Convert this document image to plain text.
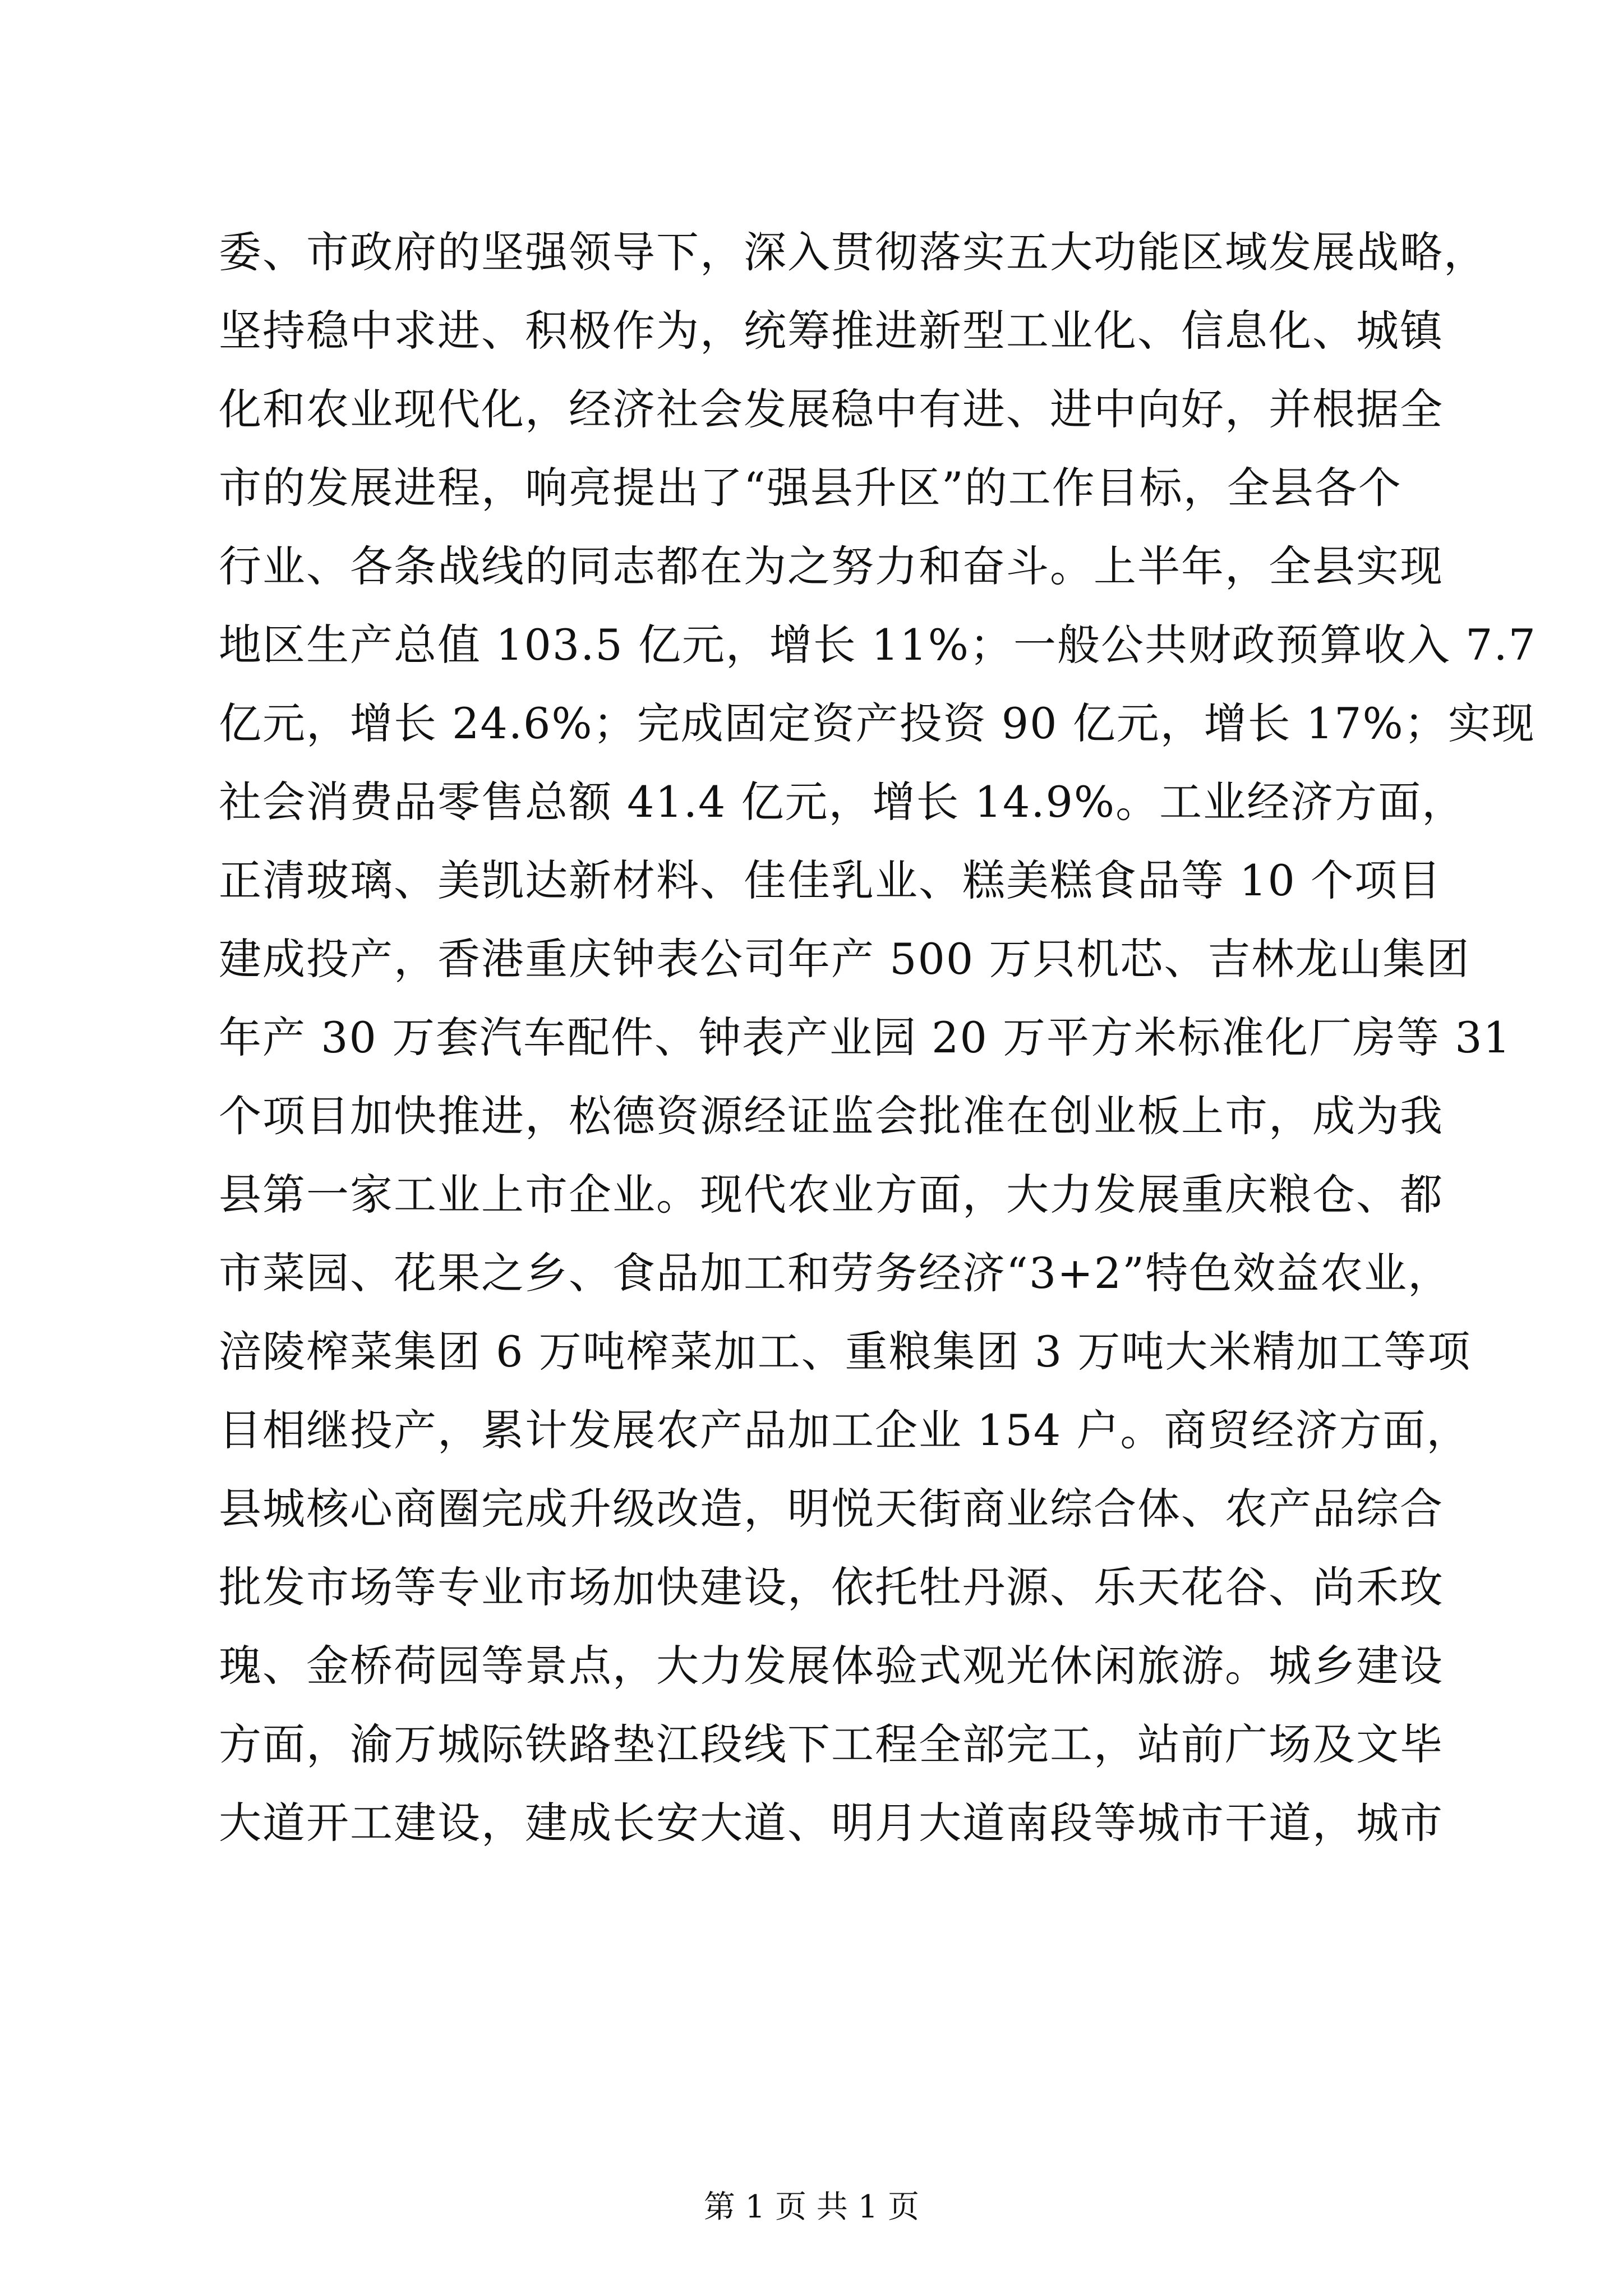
委、市政府的坚强领导下，深入贯彻落实五大功能区域发展战略，
坚持稳中求进、积极作为，统筹推进新型工业化、信息化、城镇
化和农业现代化，经济社会发展稳中有进、进中向好，并根据全
市的发展进程，响亮提出了“强县升区”的工作目标，全县各个
行业、各条战线的同志都在为之努力和奋斗。上半年，全县实现
地区生产总值 103.5 亿元，增长 11%；一般公共财政预算收入 7.7
亿元，增长 24.6%；完成固定资产投资 90 亿元，增长 17%；实现
社会消费品零售总额 41.4 亿元，增长 14.9%。工业经济方面，
正清玻璃、美凯达新材料、佳佳乳业、糕美糕食品等 10 个项目
建成投产，香港重庆钟表公司年产 500 万只机芯、吉林龙山集团
年产 30 万套汽车配件、钟表产业园 20 万平方米标准化厂房等 31
个项目加快推进，松德资源经证监会批准在创业板上市，成为我
县第一家工业上市企业。现代农业方面，大力发展重庆粮仓、都
市菜园、花果之乡、食品加工和劳务经济“3+2”特色效益农业，
涪陵榨菜集团 6 万吨榨菜加工、重粮集团 3 万吨大米精加工等项
目相继投产，累计发展农产品加工企业 154 户。商贸经济方面，
县城核心商圈完成升级改造，明悦天街商业综合体、农产品综合
批发市场等专业市场加快建设，依托牡丹源、乐天花谷、尚禾玫
瑰、金桥荷园等景点，大力发展体验式观光休闲旅游。城乡建设
方面，渝万城际铁路垫江段线下工程全部完工，站前广场及文毕
大道开工建设，建成长安大道、明月大道南段等城市干道，城市
第 1 页 共 1 页
